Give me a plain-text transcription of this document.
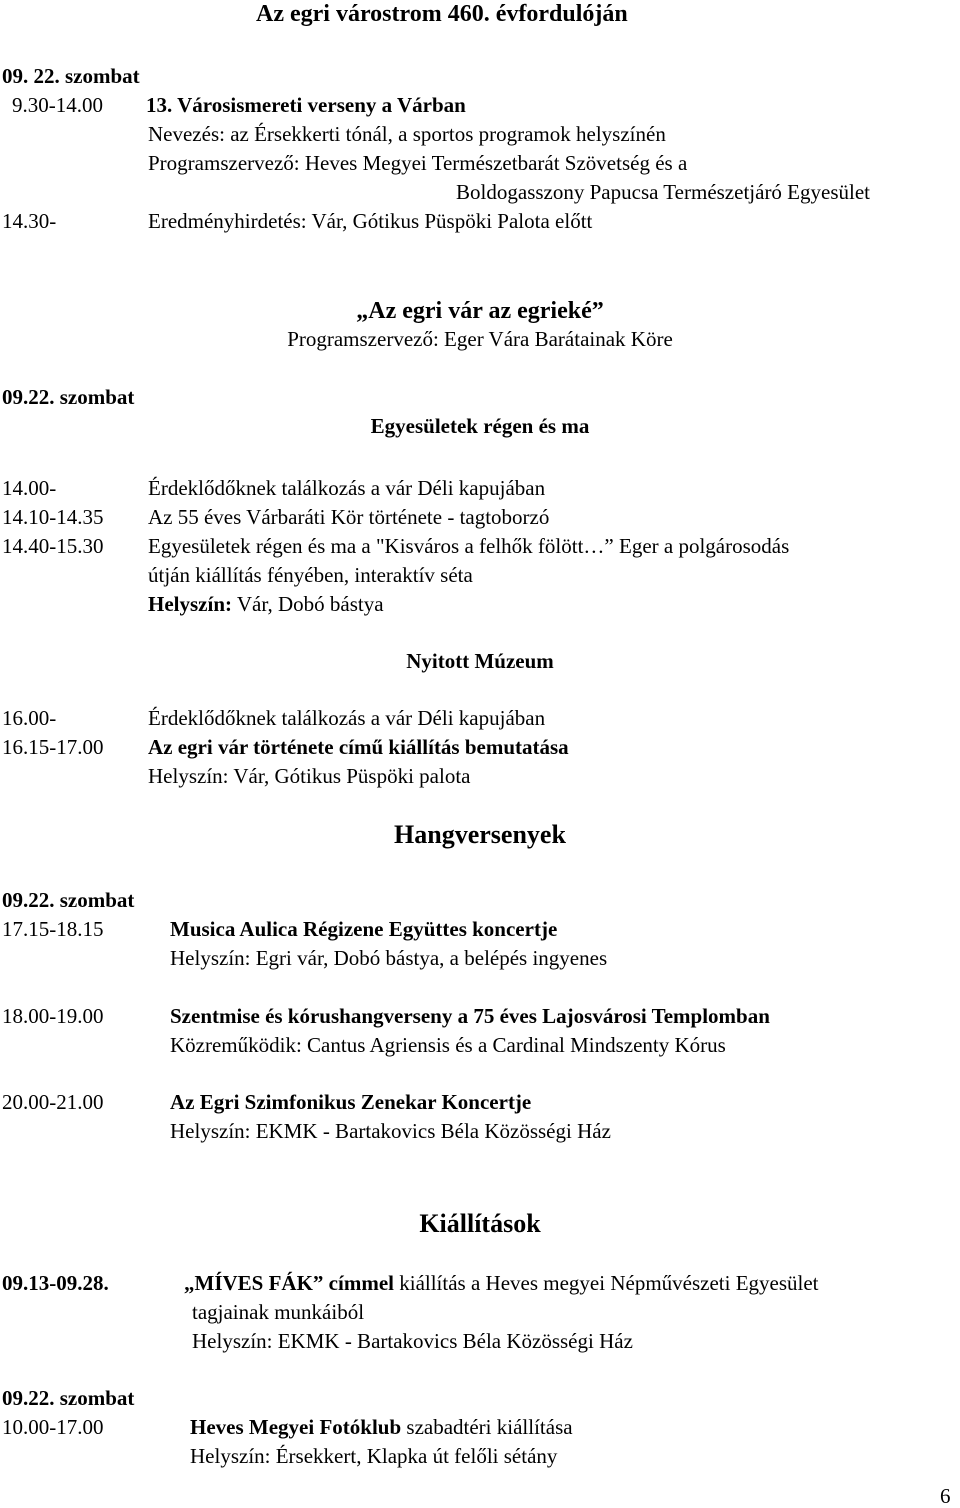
Az egri várostrom 460. évfordulóján
09. 22. szombat
9.30-14.00 13. Városismereti verseny a Várban
Nevezés: az Érsekkerti tónál, a sportos programok helyszínén
Programszervező: Heves Megyei Természetbarát Szövetség és a
Boldogasszony Papucsa Természetjáró Egyesület
14.30-	Eredményhirdetés: Vár, Gótikus Püspöki Palota előtt
„Az egri vár az egrieké”
Programszervező: Eger Vára Barátainak Köre
09.22. szombat
Egyesületek régen és ma
14.00-	Érdeklődőknek találkozás a vár Déli kapujában
14.10-14.35 Az 55 éves Várbaráti Kör története - tagtoborzó
14.40-15.30 Egyesületek régen és ma a "Kisváros a felhők fölött…” Eger a polgárosodás
útján kiállítás fényében, interaktív séta
Helyszín: Vár, Dobó bástya
Nyitott Múzeum
16.00-	Érdeklődőknek találkozás a vár Déli kapujában
16.15-17.00 Az egri vár története című kiállítás bemutatása
Helyszín: Vár, Gótikus Püspöki palota
Hangversenyek
09.22. szombat
17.15-18.15	Musica Aulica Régizene Együttes koncertje
Helyszín: Egri vár, Dobó bástya, a belépés ingyenes
18.00-19.00	Szentmise és kórushangverseny a 75 éves Lajosvárosi Templomban
Közreműködik: Cantus Agriensis és a Cardinal Mindszenty Kórus
20.00-21.00	Az Egri Szimfonikus Zenekar Koncertje
Helyszín: EKMK - Bartakovics Béla Közösségi Ház
Kiállítások
09.13-09.28.	„MÍVES FÁK” címmel kiállítás a Heves megyei Népművészeti Egyesület
tagjainak munkáiból
Helyszín: EKMK - Bartakovics Béla Közösségi Ház
09.22. szombat
10.00-17.00	Heves Megyei Fotóklub szabadtéri kiállítása
Helyszín: Érsekkert, Klapka út felőli sétány
6
